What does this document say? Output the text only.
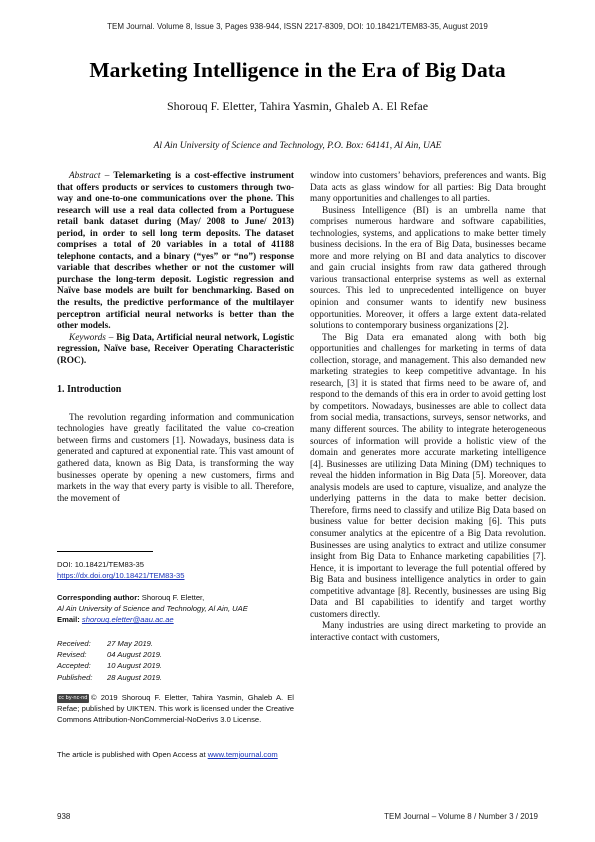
TEM Journal. Volume 8, Issue 3, Pages 938-944, ISSN 2217-8309, DOI: 10.18421/TEM83-35, August 2019
Marketing Intelligence in the Era of Big Data
Shorouq F. Eletter, Tahira Yasmin, Ghaleb A. El Refae
Al Ain University of Science and Technology, P.O. Box: 64141, Al Ain, UAE

Abstract – Telemarketing is a cost-effective instrument that offers products or services to customers through two-way and one-to-one communications over the phone. This research will use a real data collected from a Portuguese retail bank dataset during (May/ 2008 to June/ 2013) period, in order to sell long term deposits. The dataset comprises a total of 20 variables in a total of 41188 telephone contacts, and a binary (“yes” or “no”) response variable that describes whether or not the customer will purchase the long-term deposit. Logistic regression and Naïve base models are built for benchmarking. Based on the results, the predictive performance of the multilayer perceptron artificial neural networks is better than the other models.

Keywords – Big Data, Artificial neural network, Logistic regression, Naïve base, Receiver Operating Characteristic (ROC).

1. Introduction

The revolution regarding information and communication technologies have greatly facilitated the value co-creation between firms and customers [1]. Nowadays, business data is generated and captured at exponential rate. This vast amount of gathered data, known as Big Data, is transforming the way businesses operate by opening a new customers, firms and markets in the way that every party is visible to all. Therefore, the movement of

DOI: 10.18421/TEM83-35
https://dx.doi.org/10.18421/TEM83-35
Corresponding author: Shorouq F. Eletter,
Al Ain University of Science and Technology, Al Ain, UAE
Email: shorouq.eletter@aau.ac.ae
Received:	27 May 2019.
Revised:	04 August 2019.
Accepted:	10 August 2019.
Published:	28 August 2019.
cc by-nc-nd © 2019 Shorouq F. Eletter, Tahira Yasmin, Ghaleb A. El Refae; published by UIKTEN. This work is licensed under the Creative Commons Attribution-NonCommercial-NoDerivs 3.0 License.
The article is published with Open Access at www.temjournal.com

window into customers’ behaviors, preferences and wants. Big Data acts as glass window for all parties: Big Data brought many opportunities and challenges to all parties.

Business Intelligence (BI) is an umbrella name that comprises numerous hardware and software capabilities, technologies, systems, and applications to make better timely business decisions. In the era of Big Data, businesses became more and more relying on BI and data analytics to discover and gain crucial insights from raw data gathered through various transactional enterprise systems as well as external sources. This led to unprecedented intelligence on buyer opinion and consumer wants to identify new business opportunities. Moreover, it offers a large extent data-related solutions to contemporary business organizations [2].

The Big Data era emanated along with both big opportunities and challenges for marketing in terms of data collection, storage, and management. This also demanded new marketing strategies to keep competitive advantage. In his research, [3] it is stated that firms need to be aware of, and respond to the demands of this era in order to avoid getting lost by competitors. Nowadays, businesses are able to collect data from social media, transactions, surveys, sensor networks, and many different sources. The ability to integrate heterogeneous sources of information will provide a holistic view of the domain and generates more accurate marketing intelligence [4]. Businesses are utilizing Data Mining (DM) techniques to reveal the hidden information in Big Data [5]. Moreover, data analysis models are used to capture, visualize, and analyze the underlying patterns in the data to make better decision. Therefore, firms need to classify and utilize Big Data based on business value for better decision making [6]. This puts consumer analytics at the epicentre of a Big Data revolution. Businesses are using analytics to extract and utilize consumer insight from Big Data to Enhance marketing capabilities [7]. Hence, it is important to leverage the full potential offered by Big Bata and business intelligence analytics in order to gain competitive advantage [8]. Recently, businesses are using Big Data and BI capabilities to identify and target worthy customers directly.

Many industries are using direct marketing to provide an interactive contact with customers,

938	TEM Journal – Volume 8 / Number 3 / 2019
